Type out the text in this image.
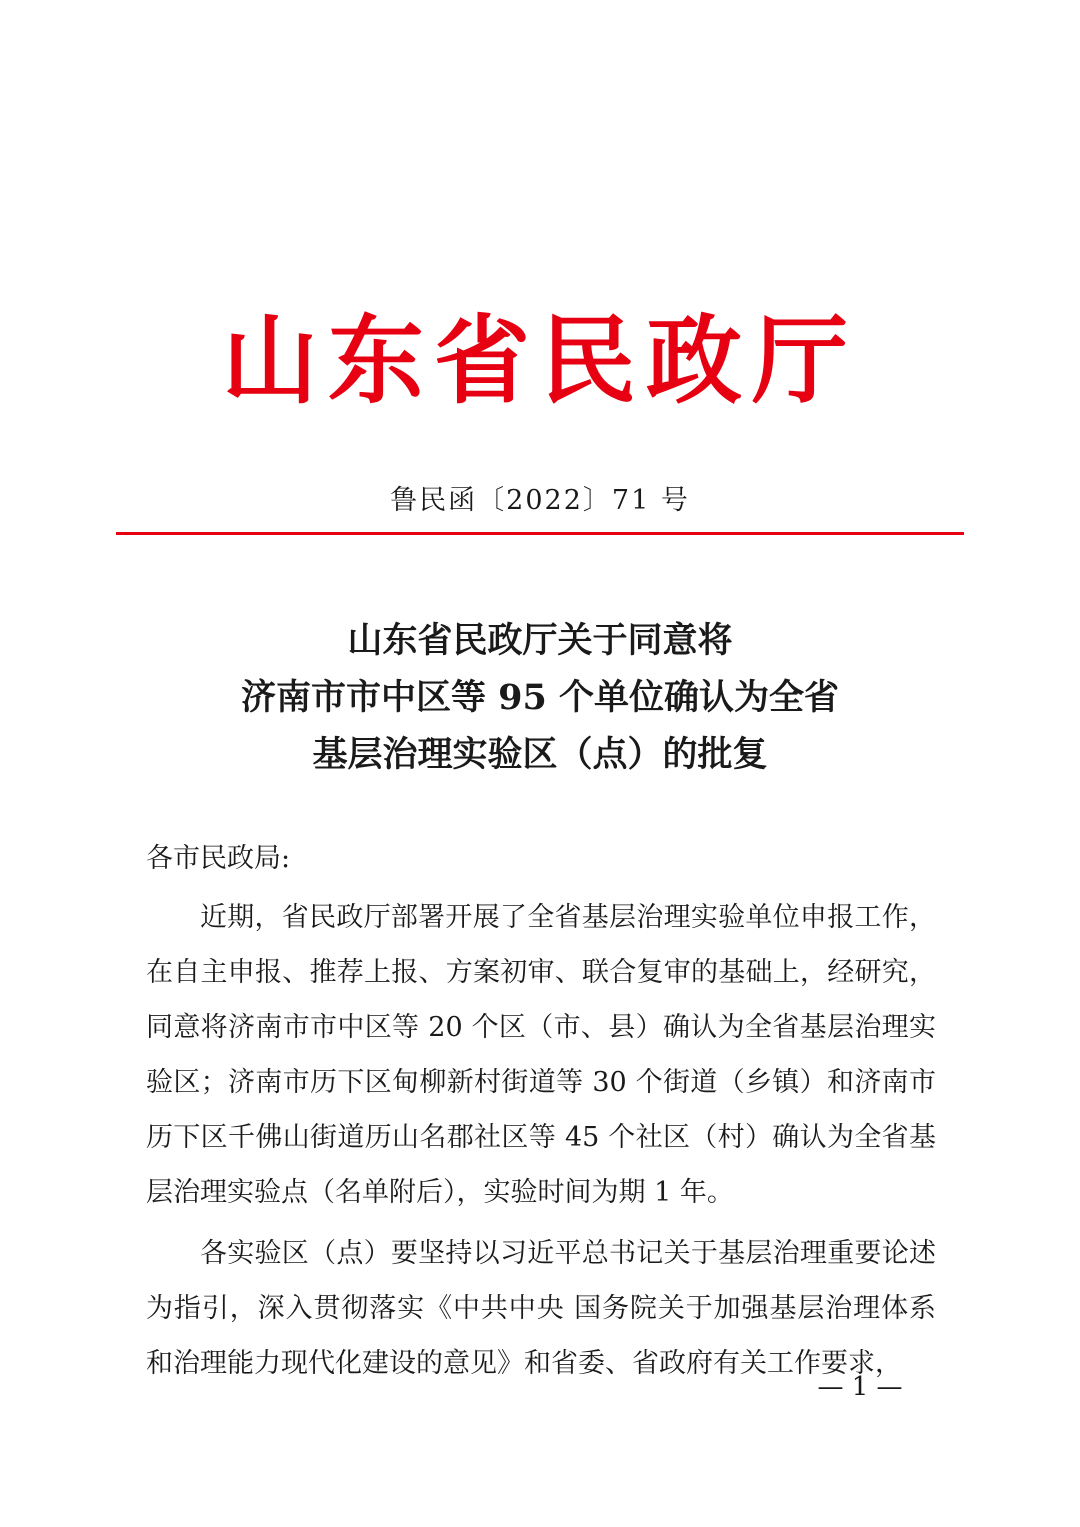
山东省民政厅
鲁民函〔2022〕71 号
山东省民政厅关于同意将
济南市市中区等 95 个单位确认为全省
基层治理实验区（点）的批复
各市民政局:

近期，省民政厅部署开展了全省基层治理实验单位申报工作，在自主申报、推荐上报、方案初审、联合复审的基础上，经研究，同意将济南市市中区等 20 个区（市、县）确认为全省基层治理实验区；济南市历下区甸柳新村街道等 30 个街道（乡镇）和济南市历下区千佛山街道历山名郡社区等 45 个社区（村）确认为全省基层治理实验点（名单附后），实验时间为期 1 年。

各实验区（点）要坚持以习近平总书记关于基层治理重要论述为指引，深入贯彻落实《中共中央 国务院关于加强基层治理体系和治理能力现代化建设的意见》和省委、省政府有关工作要求，

— 1 —
